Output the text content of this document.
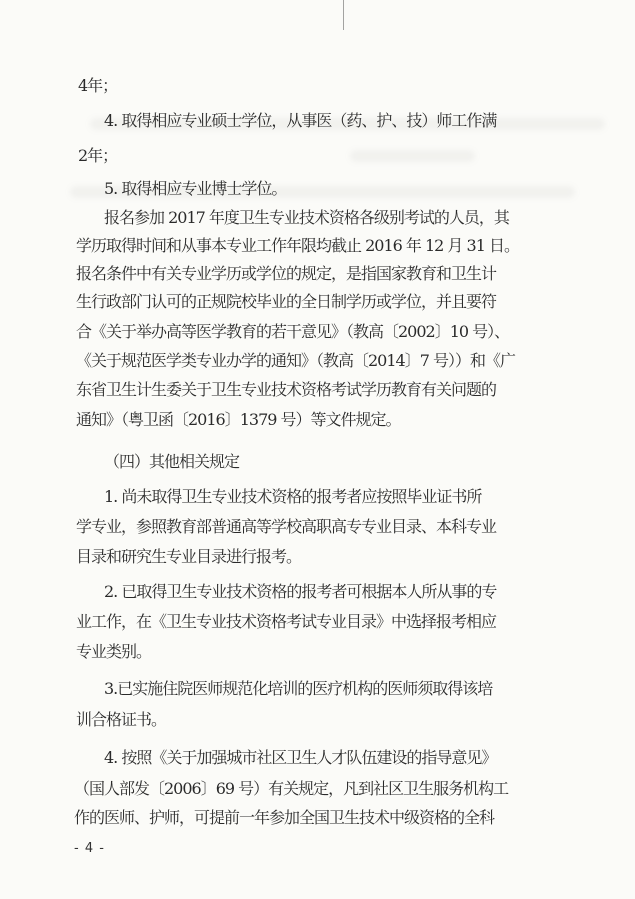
4年；
4. 取得相应专业硕士学位，从事医（药、护、技）师工作满
2年；
5. 取得相应专业博士学位。
报名参加 2017 年度卫生专业技术资格各级别考试的人员，其
学历取得时间和从事本专业工作年限均截止 2016 年 12 月 31 日。
报名条件中有关专业学历或学位的规定，是指国家教育和卫生计
生行政部门认可的正规院校毕业的全日制学历或学位，并且要符
合《关于举办高等医学教育的若干意见》（教高〔2002〕10 号）、
《关于规范医学类专业办学的通知》（教高〔2014〕7 号））和《广
东省卫生计生委关于卫生专业技术资格考试学历教育有关问题的
通知》（粤卫函〔2016〕1379 号）等文件规定。
（四）其他相关规定
1. 尚未取得卫生专业技术资格的报考者应按照毕业证书所
学专业，参照教育部普通高等学校高职高专专业目录、本科专业
目录和研究生专业目录进行报考。
2. 已取得卫生专业技术资格的报考者可根据本人所从事的专
业工作，在《卫生专业技术资格考试专业目录》中选择报考相应
专业类别。
3.已实施住院医师规范化培训的医疗机构的医师须取得该培
训合格证书。
4. 按照《关于加强城市社区卫生人才队伍建设的指导意见》
（国人部发〔2006〕69 号）有关规定，凡到社区卫生服务机构工
作的医师、护师，可提前一年参加全国卫生技术中级资格的全科
- 4 -
